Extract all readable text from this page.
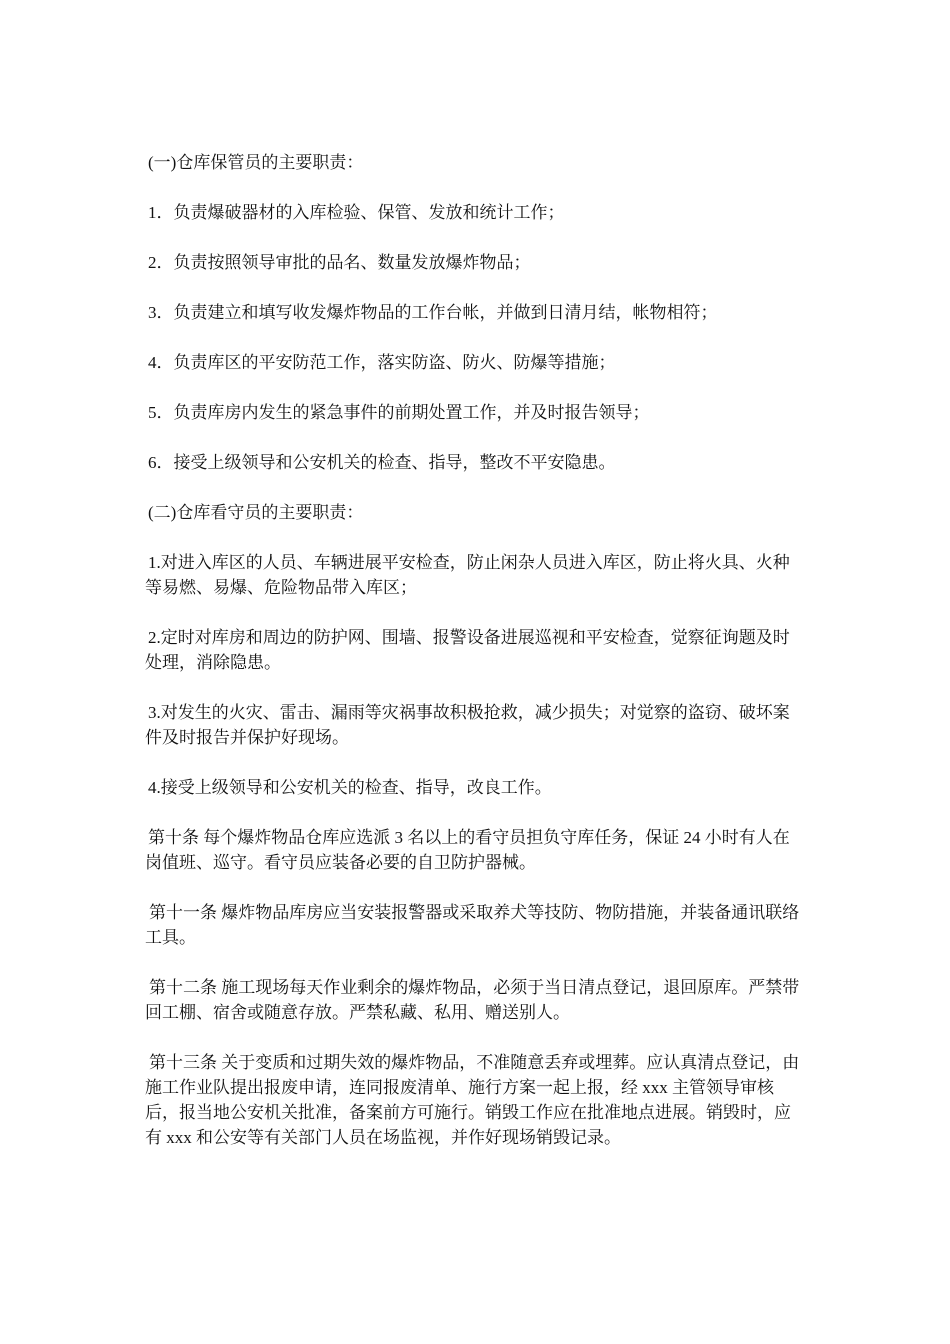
(一)仓库保管员的主要职责：

1．负责爆破器材的入库检验、保管、发放和统计工作；

2．负责按照领导审批的品名、数量发放爆炸物品；

3．负责建立和填写收发爆炸物品的工作台帐，并做到日清月结，帐物相符；

4．负责库区的平安防范工作，落实防盗、防火、防爆等措施；

5．负责库房内发生的紧急事件的前期处置工作，并及时报告领导；

6．接受上级领导和公安机关的检查、指导，整改不平安隐患。

(二)仓库看守员的主要职责：

1.对进入库区的人员、车辆进展平安检查，防止闲杂人员进入库区，防止将火具、火种等易燃、易爆、危险物品带入库区；

2.定时对库房和周边的防护网、围墙、报警设备进展巡视和平安检查，觉察征询题及时处理，消除隐患。

3.对发生的火灾、雷击、漏雨等灾祸事故积极抢救，减少损失；对觉察的盗窃、破坏案件及时报告并保护好现场。

4.接受上级领导和公安机关的检查、指导，改良工作。

第十条 每个爆炸物品仓库应选派 3 名以上的看守员担负守库任务，保证 24 小时有人在岗值班、巡守。看守员应装备必要的自卫防护器械。

第十一条 爆炸物品库房应当安装报警器或采取养犬等技防、物防措施，并装备通讯联络工具。

第十二条 施工现场每天作业剩余的爆炸物品，必须于当日清点登记，退回原库。严禁带回工棚、宿舍或随意存放。严禁私藏、私用、赠送别人。

第十三条 关于变质和过期失效的爆炸物品，不准随意丢弃或埋葬。应认真清点登记，由施工作业队提出报废申请，连同报废清单、施行方案一起上报，经 xxx 主管领导审核后，报当地公安机关批准，备案前方可施行。销毁工作应在批准地点进展。销毁时，应有 xxx 和公安等有关部门人员在场监视，并作好现场销毁记录。
